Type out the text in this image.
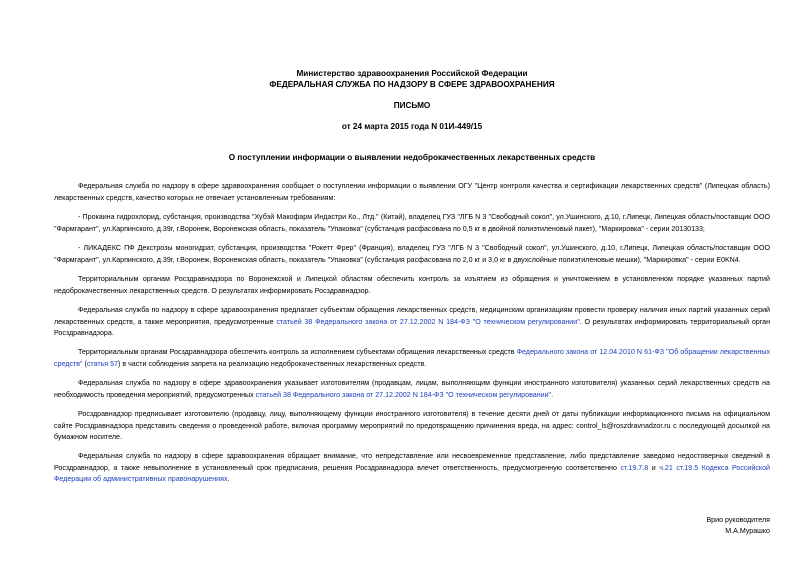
Министерство здравоохранения Российской Федерации
ФЕДЕРАЛЬНАЯ СЛУЖБА ПО НАДЗОРУ В СФЕРЕ ЗДРАВООХРАНЕНИЯ
ПИСЬМО
от 24 марта 2015 года N 01И-449/15
О поступлении информации о выявлении недоброкачественных лекарственных средств
Федеральная служба по надзору в сфере здравоохранения сообщает о поступлении информации о выявлении ОГУ "Центр контроля качества и сертификации лекарственных средств" (Липецкая область) лекарственных средств, качество которых не отвечает установленным требованиям:
- Прокаина гидрохлорид, субстанция, производства "Хубэй Макофарм Индастри Ко., Лтд." (Китай), владелец ГУЗ "ЛГБ N 3 "Свободный сокол", ул.Ушинского, д.10, г.Липецк, Липецкая область/поставщик ООО "Фармгарант", ул.Карпинского, д.39г, г.Воронеж, Воронежская область, показатель "Упаковка" (субстанция расфасована по 0,5 кг в двойной полиэтиленовый пакет), "Маркировка" - серии 20130133;
- ЛИКАДЕКС ПФ Декстрозы моногидрат, субстанция, производства "Рокетт Фрер" (Франция), владелец ГУЗ "ЛГБ N 3 "Свободный сокол", ул.Ушинского, д.10, г.Липецк, Липецкая область/поставщик ООО "Фармгарант", ул.Карпинского, д.39г, г.Воронеж, Воронежская область, показатель "Упаковка" (субстанция расфасована по 2,0 кг и 3,0 кг в двухслойные полиэтиленовые мешки), "Маркировка" - серии E0KN4.
Территориальным органам Росздравнадзора по Воронежской и Липецкой областям обеспечить контроль за изъятием из обращения и уничтожением в установленном порядке указанных партий недоброкачественных лекарственных средств. О результатах информировать Росздравнадзор.
Федеральная служба по надзору в сфере здравоохранения предлагает субъектам обращения лекарственных средств, медицинским организациям провести проверку наличия иных партий указанных серий лекарственных средств, а также мероприятия, предусмотренные статьей 38 Федерального закона от 27.12.2002 N 184-ФЗ "О техническом регулировании". О результатах информировать территориальный орган Росздравнадзора.
Территориальным органам Росздравнадзора обеспечить контроль за исполнением субъектами обращения лекарственных средств Федерального закона от 12.04.2010 N 61-ФЗ "Об обращении лекарственных средств" (статья 57) в части соблюдения запрета на реализацию недоброкачественных лекарственных средств.
Федеральная служба по надзору в сфере здравоохранения указывает изготовителям (продавцам, лицам, выполняющим функции иностранного изготовителя) указанных серий лекарственных средств на необходимость проведения мероприятий, предусмотренных статьей 38 Федерального закона от 27.12.2002 N 184-ФЗ "О техническом регулировании".
Росздравнадзор предписывает изготовителю (продавцу, лицу, выполняющему функции иностранного изготовителя) в течение десяти дней от даты публикации информационного письма на официальном сайте Росздравнадзора представить сведения о проведенной работе, включая программу мероприятий по предотвращению причинения вреда, на адрес: control_ls@roszdravnadzor.ru с последующей досылкой на бумажном носителе.
Федеральная служба по надзору в сфере здравоохранения обращает внимание, что непредставление или несвоевременное представление, либо представление заведомо недостоверных сведений в Росздравнадзор, а также невыполнение в установленный срок предписания, решения Росздравнадзора влечет ответственность, предусмотренную соответственно ст.19.7.8 и ч.21 ст.19.5 Кодекса Российской Федерации об административных правонарушениях.
Врио руководителя
М.А.Мурашко
